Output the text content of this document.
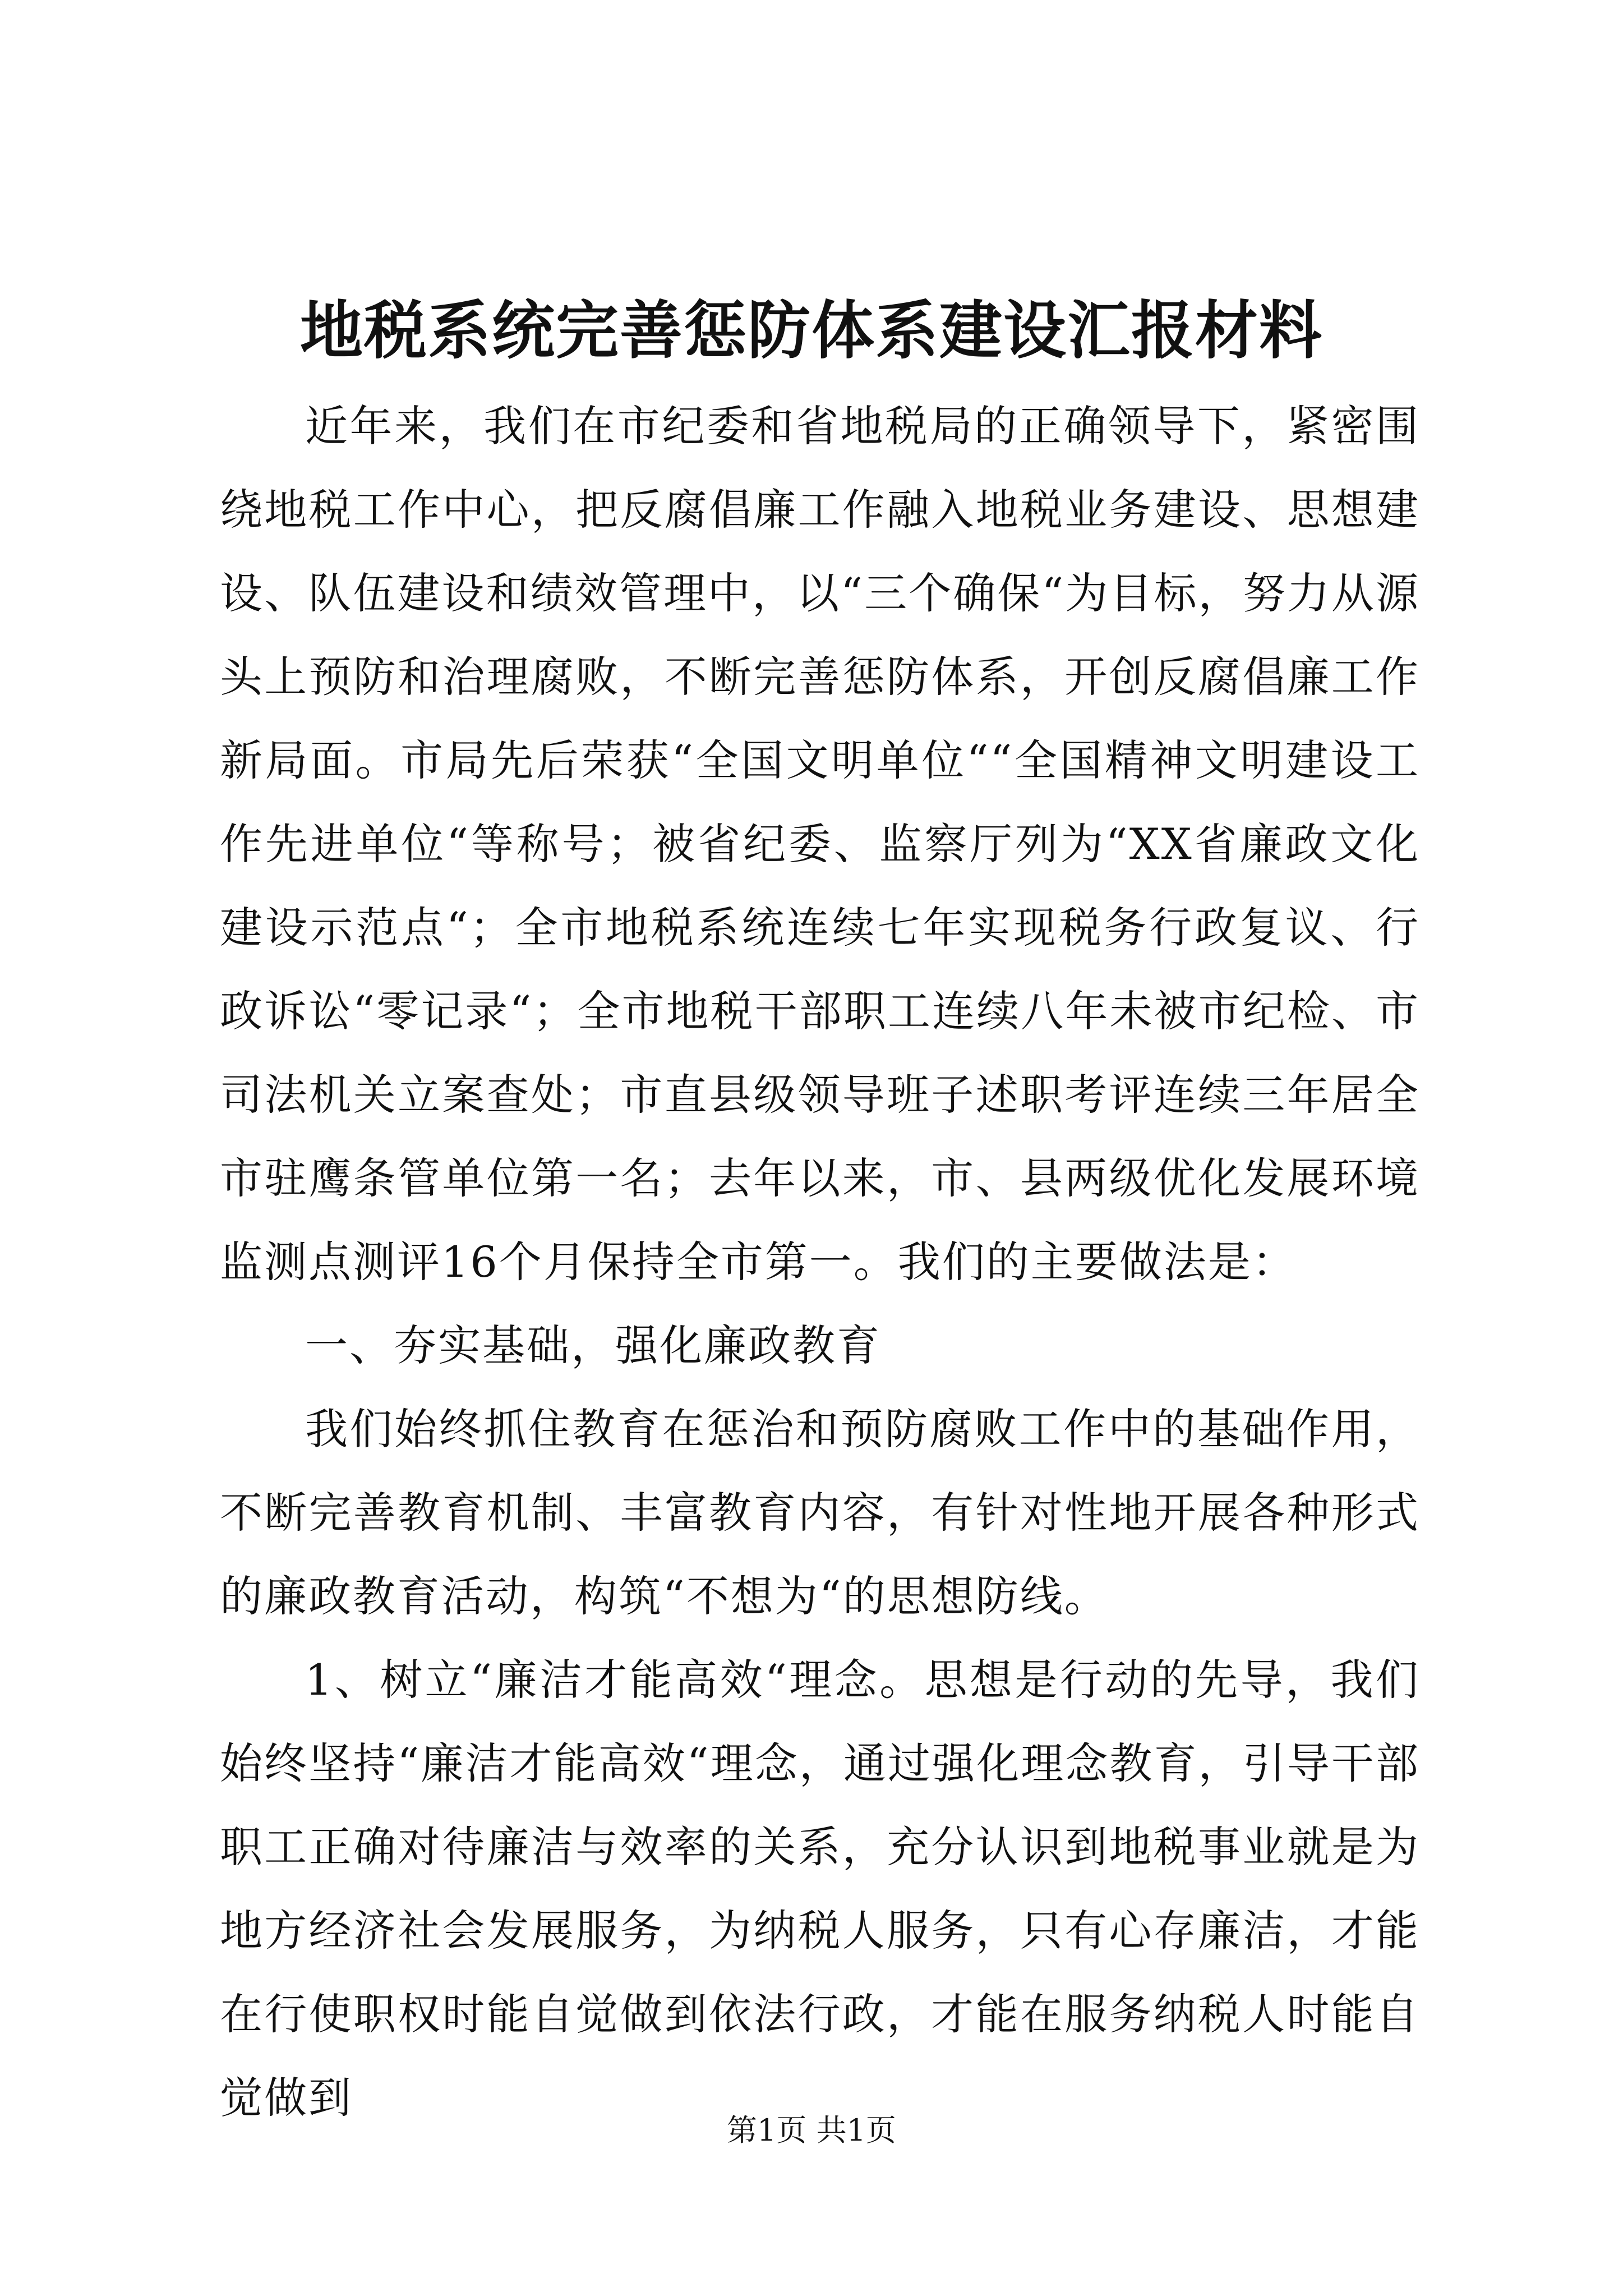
地税系统完善惩防体系建设汇报材料

近年来，我们在市纪委和省地税局的正确领导下，紧密围绕地税工作中心，把反腐倡廉工作融入地税业务建设、思想建设、队伍建设和绩效管理中，以“三个确保“为目标，努力从源头上预防和治理腐败，不断完善惩防体系，开创反腐倡廉工作新局面。市局先后荣获“全国文明单位““全国精神文明建设工作先进单位“等称号；被省纪委、监察厅列为“XX省廉政文化建设示范点“；全市地税系统连续七年实现税务行政复议、行政诉讼“零记录“；全市地税干部职工连续八年未被市纪检、市司法机关立案查处；市直县级领导班子述职考评连续三年居全市驻鹰条管单位第一名；去年以来，市、县两级优化发展环境监测点测评16个月保持全市第一。我们的主要做法是：

一、夯实基础，强化廉政教育

我们始终抓住教育在惩治和预防腐败工作中的基础作用，不断完善教育机制、丰富教育内容，有针对性地开展各种形式的廉政教育活动，构筑“不想为“的思想防线。

1、树立“廉洁才能高效“理念。思想是行动的先导，我们始终坚持“廉洁才能高效“理念，通过强化理念教育，引导干部职工正确对待廉洁与效率的关系，充分认识到地税事业就是为地方经济社会发展服务，为纳税人服务，只有心存廉洁，才能在行使职权时能自觉做到依法行政，才能在服务纳税人时能自觉做到

第1页 共1页
